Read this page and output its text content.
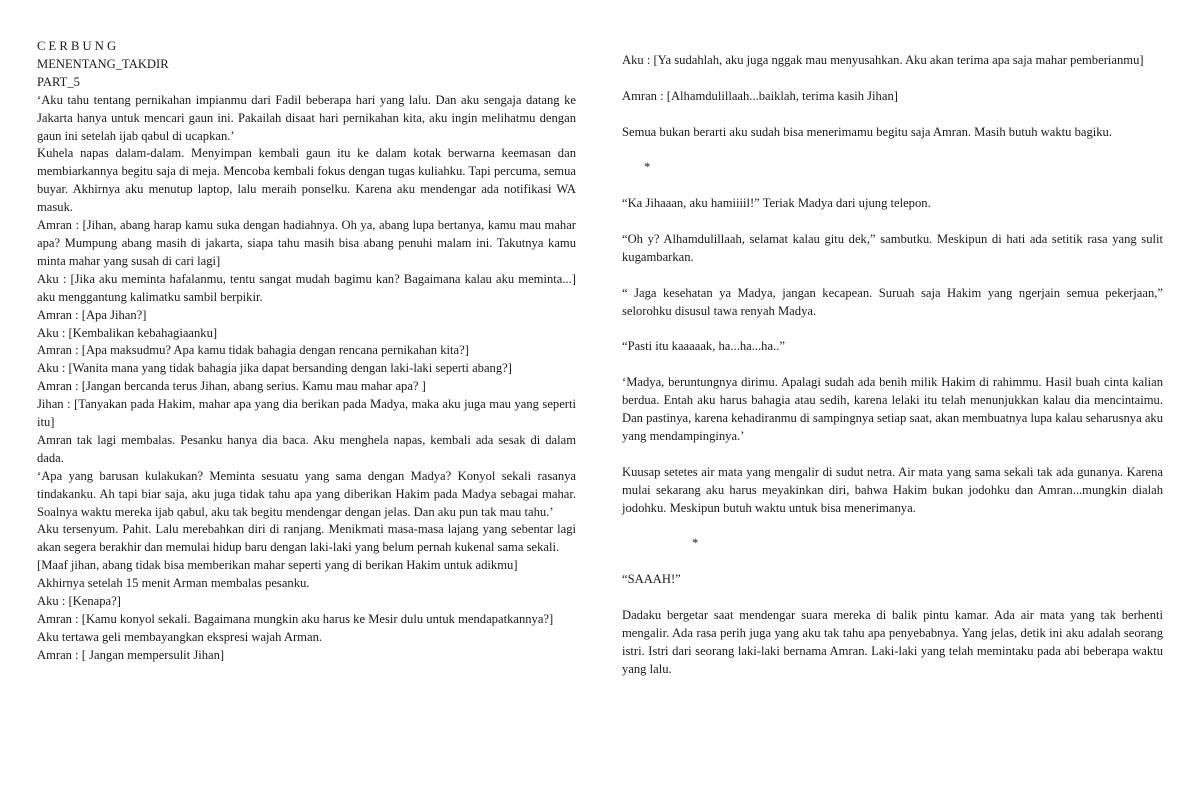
C E R B U N G

MENENTANG_TAKDIR

PART_5

‘Aku tahu tentang pernikahan impianmu dari Fadil beberapa hari yang lalu. Dan aku sengaja datang ke Jakarta hanya untuk mencari gaun ini. Pakailah disaat hari pernikahan kita, aku ingin melihatmu dengan gaun ini setelah ijab qabul di ucapkan.’

Kuhela napas dalam-dalam. Menyimpan kembali gaun itu ke dalam kotak berwarna keemasan dan membiarkannya begitu saja di meja. Mencoba kembali fokus dengan tugas kuliahku. Tapi percuma, semua buyar. Akhirnya aku menutup laptop, lalu meraih ponselku. Karena aku mendengar ada notifikasi WA masuk.

Amran : [Jihan, abang harap kamu suka dengan hadiahnya. Oh ya, abang lupa bertanya, kamu mau mahar apa? Mumpung abang masih di jakarta, siapa tahu masih bisa abang penuhi malam ini. Takutnya kamu minta mahar yang susah di cari lagi]

Aku : [Jika aku meminta hafalanmu, tentu sangat mudah bagimu kan? Bagaimana kalau aku meminta...] aku menggantung kalimatku sambil berpikir.

Amran : [Apa Jihan?]

Aku : [Kembalikan kebahagiaanku]

Amran : [Apa maksudmu? Apa kamu tidak bahagia dengan rencana pernikahan kita?]

Aku : [Wanita mana yang tidak bahagia jika dapat bersanding dengan laki-laki seperti abang?]

Amran : [Jangan bercanda terus Jihan, abang serius. Kamu mau mahar apa? ]

Jihan : [Tanyakan pada Hakim, mahar apa yang dia berikan pada Madya, maka aku juga mau yang seperti itu]

Amran tak lagi membalas. Pesanku hanya dia baca. Aku menghela napas, kembali ada sesak di dalam dada.

‘Apa yang barusan kulakukan? Meminta sesuatu yang sama dengan Madya? Konyol sekali rasanya tindakanku. Ah tapi biar saja, aku juga tidak tahu apa yang diberikan Hakim pada Madya sebagai mahar. Soalnya waktu mereka ijab qabul, aku tak begitu mendengar dengan jelas. Dan aku pun tak mau tahu.’

Aku tersenyum. Pahit. Lalu merebahkan diri di ranjang. Menikmati masa-masa lajang yang sebentar lagi akan segera berakhir dan memulai hidup baru dengan laki-laki yang belum pernah kukenal sama sekali.

[Maaf jihan, abang tidak bisa memberikan mahar seperti yang di berikan Hakim untuk adikmu]

Akhirnya setelah 15 menit Arman membalas pesanku.

Aku : [Kenapa?]

Amran : [Kamu konyol sekali. Bagaimana mungkin aku harus ke Mesir dulu untuk mendapatkannya?]

Aku tertawa geli membayangkan ekspresi wajah Arman.

Amran : [ Jangan mempersulit Jihan]

Aku : [Ya sudahlah, aku juga nggak mau menyusahkan. Aku akan terima apa saja mahar pemberianmu]

Amran : [Alhamdulillaah...baiklah, terima kasih Jihan]

Semua bukan berarti aku sudah bisa menerimamu begitu saja Amran. Masih butuh waktu bagiku.

*

“Ka Jihaaan, aku hamiiiil!” Teriak Madya dari ujung telepon.

“Oh y? Alhamdulillaah, selamat kalau gitu dek,” sambutku. Meskipun di hati ada setitik rasa yang sulit kugambarkan.

“ Jaga kesehatan ya Madya, jangan kecapean. Suruah saja Hakim yang ngerjain semua pekerjaan,” selorohku disusul tawa renyah Madya.

“Pasti itu kaaaaak, ha...ha...ha..”

‘Madya, beruntungnya dirimu. Apalagi sudah ada benih milik Hakim di rahimmu. Hasil buah cinta kalian berdua. Entah aku harus bahagia atau sedih, karena lelaki itu telah menunjukkan kalau dia mencintaimu. Dan pastinya, karena kehadiranmu di sampingnya setiap saat, akan membuatnya lupa kalau seharusnya aku yang mendampinginya.’

Kuusap setetes air mata yang mengalir di sudut netra. Air mata yang sama sekali tak ada gunanya. Karena mulai sekarang aku harus meyakinkan diri, bahwa Hakim bukan jodohku dan Amran...mungkin dialah jodohku. Meskipun butuh waktu untuk bisa menerimanya.

*

“SAAAH!”

Dadaku bergetar saat mendengar suara mereka di balik pintu kamar. Ada air mata yang tak berhenti mengalir. Ada rasa perih juga yang aku tak tahu apa penyebabnya. Yang jelas, detik ini aku adalah seorang istri. Istri dari seorang laki-laki bernama Amran. Laki-laki yang telah memintaku pada abi beberapa waktu yang lalu.
